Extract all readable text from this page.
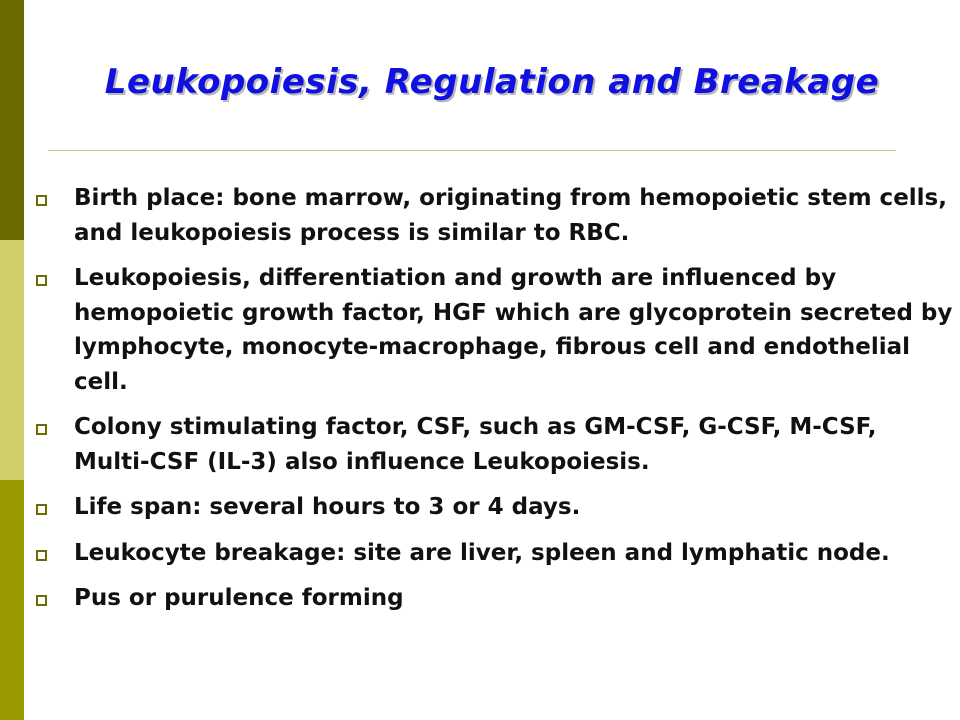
Leukopoiesis, Regulation and Breakage
Birth place: bone marrow, originating from hemopoietic stem cells, and leukopoiesis process is similar to RBC.
Leukopoiesis, differentiation and growth are influenced by hemopoietic growth factor, HGF which are glycoprotein secreted by lymphocyte, monocyte-macrophage, fibrous cell and endothelial cell.
Colony stimulating factor, CSF, such as GM-CSF, G-CSF, M-CSF, Multi-CSF (IL-3) also influence Leukopoiesis.
Life span: several hours to 3 or 4 days.
Leukocyte breakage: site are liver, spleen and lymphatic node.
Pus or purulence forming
